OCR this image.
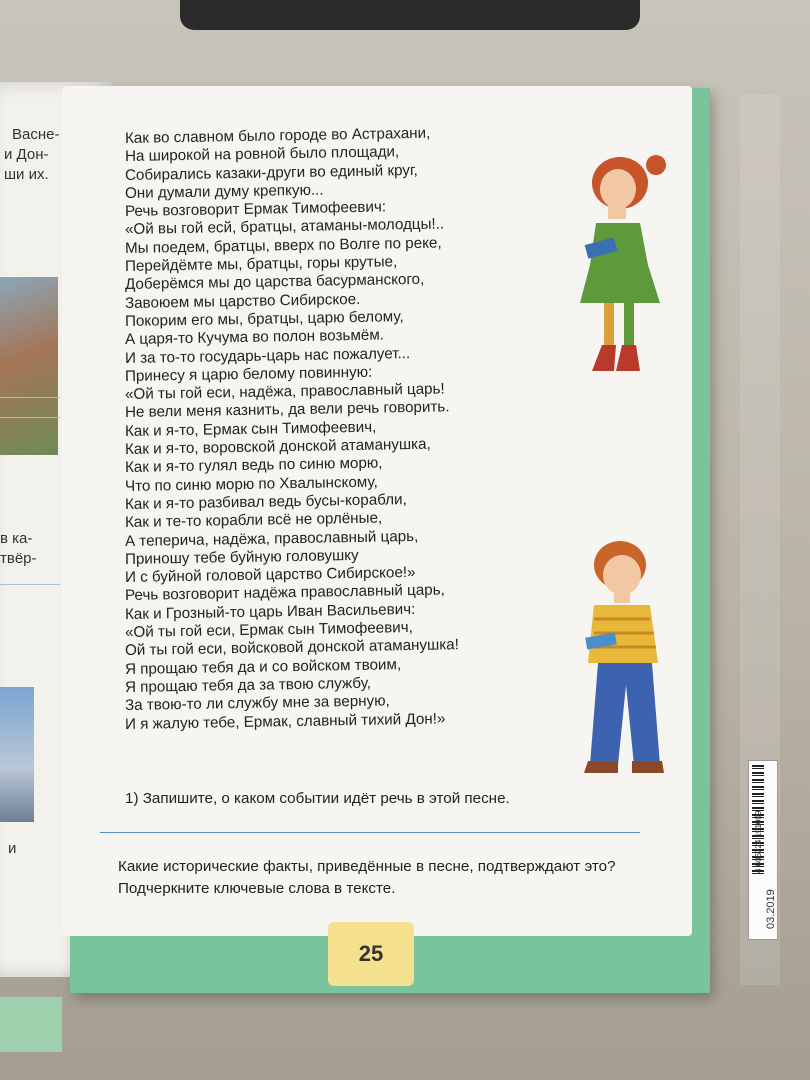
Васне-
и Дон-
ши их.
в ка-
твёр-
и
Как во славном было городе во Астрахани,
На широкой на ровной было площади,
Собирались казаки-други во единый круг,
Они думали думу крепкую...
Речь возговорит Ермак Тимофеевич:
«Ой вы гой есй, братцы, атаманы-молодцы!..
Мы поедем, братцы, вверх по Волге по реке,
Перейдёмте мы, братцы, горы крутые,
Доберёмся мы до царства басурманского,
Завоюем мы царство Сибирское.
Покорим его мы, братцы, царю белому,
А царя-то Кучума во полон возьмём.
И за то-то государь-царь нас пожалует...
Принесу я царю белому повинную:
«Ой ты гой еси, надёжа, православный царь!
Не вели меня казнить, да вели речь говорить.
Как и я-то, Ермак сын Тимофеевич,
Как и я-то, воровской донской атаманушка,
Как и я-то гулял ведь по синю морю,
Что по синю морю по Хвалынскому,
Как и я-то разбивал ведь бусы-корабли,
Как и те-то корабли всё не орлёные,
А теперича, надёжа, православный царь,
Приношу тебе буйную головушку
И с буйной головой царство Сибирское!»
Речь возговорит надёжа православный царь,
Как и Грозный-то царь Иван Васильевич:
«Ой ты гой еси, Ермак сын Тимофеевич,
Ой ты гой еси, войсковой донской атаманушка!
Я прощаю тебя да и со войском твоим,
Я прощаю тебя да за твою службу,
За твою-то ли службу мне за верную,
И я жалую тебе, Ермак, славный тихий Дон!»
1) Запишите, о каком событии идёт речь в этой песне.
Какие исторические факты, приведённые в песне, подтверждают это? Подчеркните ключевые слова в тексте.
25
4 606224 191009
03.2019
